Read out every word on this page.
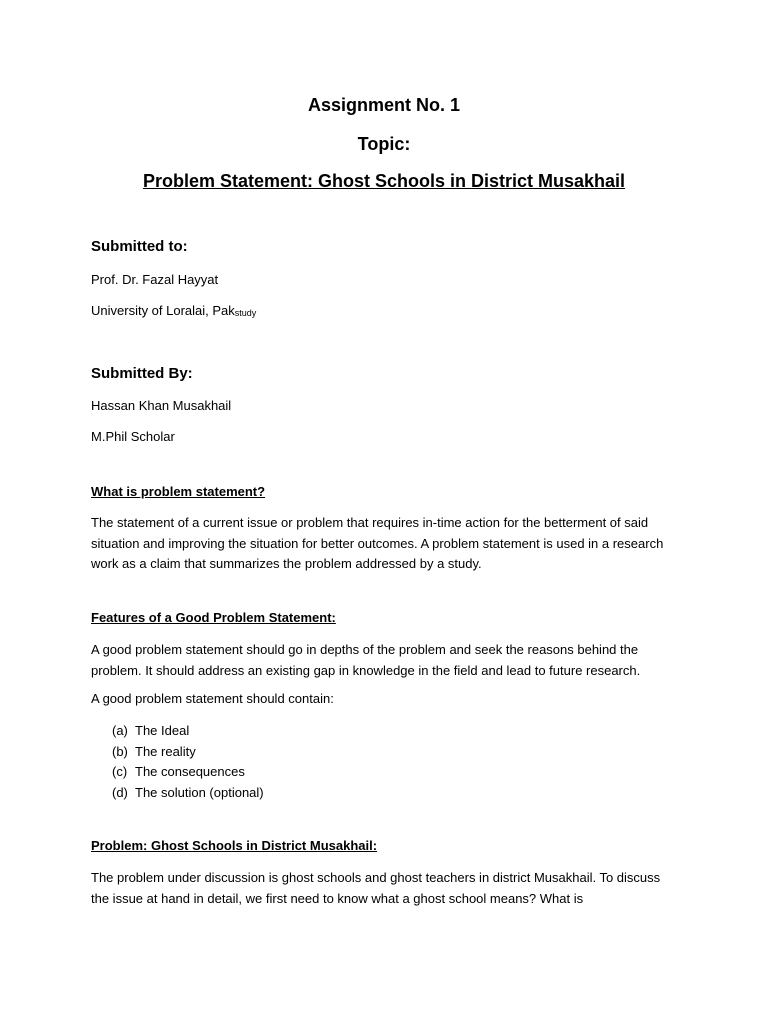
Assignment No. 1
Topic:
Problem Statement: Ghost Schools in District Musakhail
Submitted to:
Prof. Dr. Fazal Hayyat
University of Loralai, Pakstudy
Submitted By:
Hassan Khan Musakhail
M.Phil Scholar
What is problem statement?
The statement of a current issue or problem that requires in-time action for the betterment of said situation and improving the situation for better outcomes. A problem statement is used in a research work as a claim that summarizes the problem addressed by a study.
Features of a Good Problem Statement:
A good problem statement should go in depths of the problem and seek the reasons behind the problem. It should address an existing gap in knowledge in the field and lead to future research.
A good problem statement should contain:
(a) The Ideal
(b) The reality
(c) The consequences
(d) The solution (optional)
Problem: Ghost Schools in District Musakhail:
The problem under discussion is ghost schools and ghost teachers in district Musakhail. To discuss the issue at hand in detail, we first need to know what a ghost school means? What is
